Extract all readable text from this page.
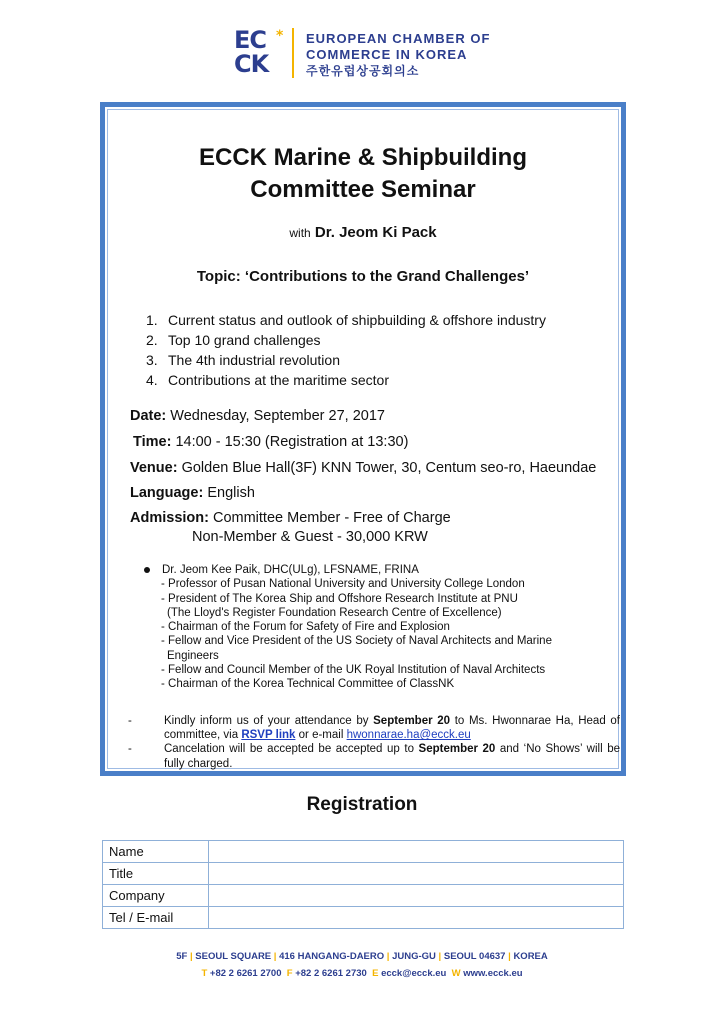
EC
CK
* EUROPEAN CHAMBER OF
COMMERCE IN KOREA
주한유럽상공회의소
ECCK Marine & Shipbuilding
Committee Seminar
with Dr. Jeom Ki Pack
Topic: ‘Contributions to the Grand Challenges’
1. Current status and outlook of shipbuilding & offshore industry
2. Top 10 grand challenges
3. The 4th industrial revolution
4. Contributions at the maritime sector
Date: Wednesday, September 27, 2017
Time: 14:00 - 15:30 (Registration at 13:30)
Venue: Golden Blue Hall(3F) KNN Tower, 30, Centum seo-ro, Haeundae
Language: English
Admission: Committee Member - Free of Charge
Non-Member & Guest - 30,000 KRW
Dr. Jeom Kee Paik, DHC(ULg), LFSNAME, FRINA
- Professor of Pusan National University and University College London
- President of The Korea Ship and Offshore Research Institute at PNU
(The Lloyd's Register Foundation Research Centre of Excellence)
- Chairman of the Forum for Safety of Fire and Explosion
- Fellow and Vice President of the US Society of Naval Architects and Marine
Engineers
- Fellow and Council Member of the UK Royal Institution of Naval Architects
- Chairman of the Korea Technical Committee of ClassNK
-	Kindly inform us of your attendance by September 20 to Ms. Hwonnarae Ha, Head of committee, via RSVP link or e-mail hwonnarae.ha@ecck.eu
-	Cancelation will be accepted be accepted up to September 20 and ‘No Shows’ will be fully charged.
Registration
Name	
Title	
Company	
Tel / E-mail	
5F | SEOUL SQUARE | 416 HANGANG-DAERO | JUNG-GU | SEOUL 04637 | KOREA
T +82 2 6261 2700 F +82 2 6261 2730 E ecck@ecck.eu W www.ecck.eu
